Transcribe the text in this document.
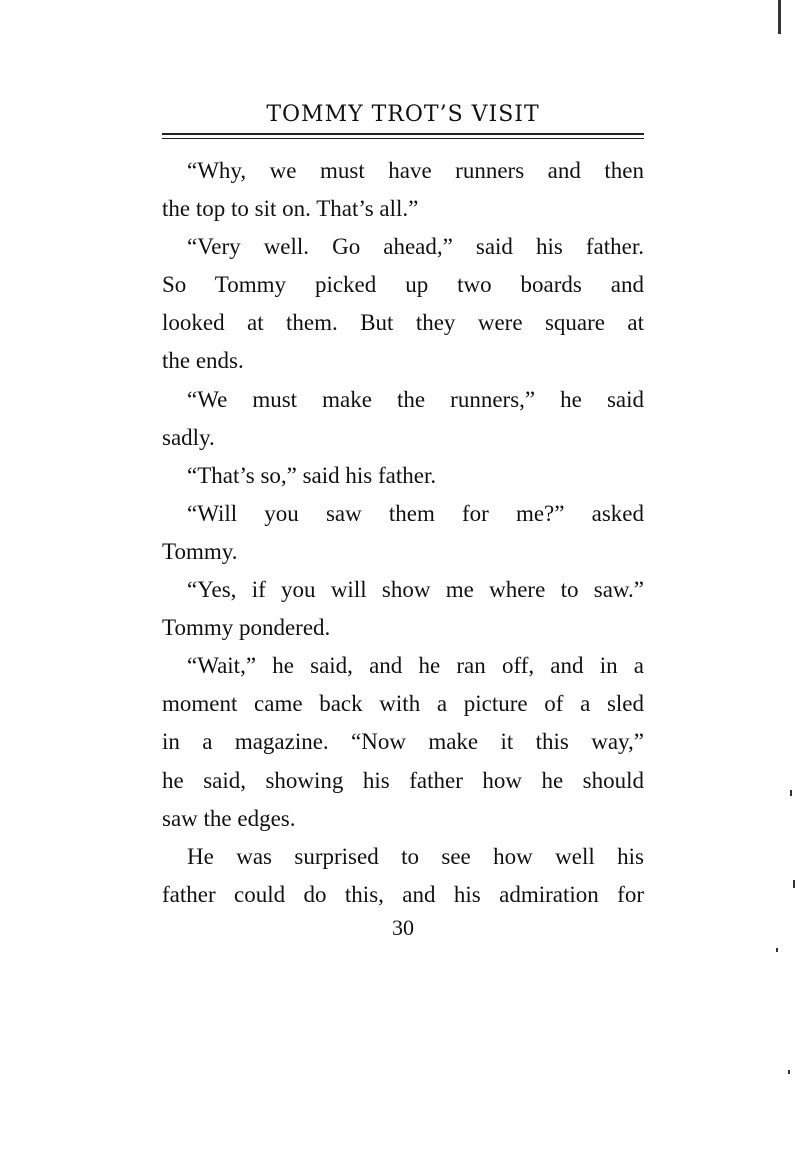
TOMMY TROT’S VISIT
“Why, we must have runners and then
the top to sit on. That’s all.”
“Very well. Go ahead,” said his father.
So Tommy picked up two boards and
looked at them. But they were square at
the ends.
“We must make the runners,” he said
sadly.
“That’s so,” said his father.
“Will you saw them for me?” asked
Tommy.
“Yes, if you will show me where to saw.”
Tommy pondered.
“Wait,” he said, and he ran off, and in a
moment came back with a picture of a sled
in a magazine. “Now make it this way,”
he said, showing his father how he should
saw the edges.
He was surprised to see how well his
father could do this, and his admiration for
30
